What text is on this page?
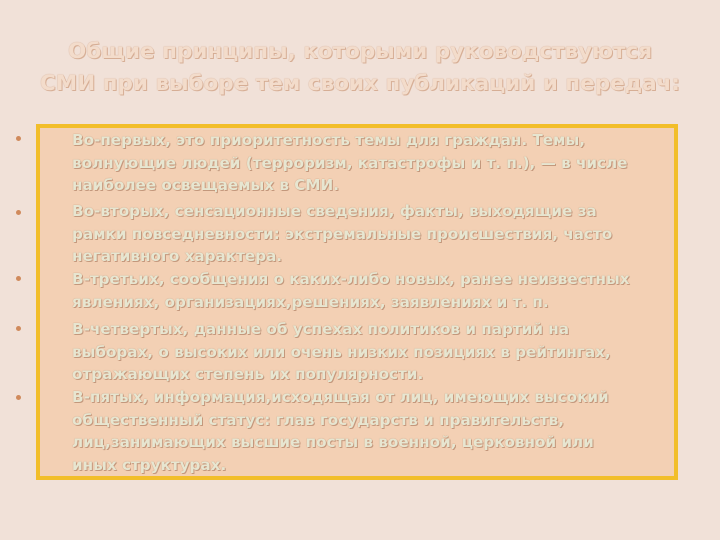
Общие принципы, которыми руководствуются
СМИ при выборе тем своих публикаций и передач:

Во-первых, это приоритетность темы для граждан. Темы,
волнующие людей (терроризм, катастрофы и т. п.), — в числе
наиболее освещаемых в СМИ.

Во-вторых, сенсационные сведения, факты, выходящие за
рамки повседневности: экстремальные происшествия, часто
негативного характера.

В-третьих, сообщения о каких-либо новых, ранее неизвестных
явлениях, организациях,решениях, заявлениях и т. п.

В-четвертых, данные об успехах политиков и партий на
выборах, о высоких или очень низких позициях в рейтингах,
отражающих степень их популярности.

В-пятых, информация,исходящая от лиц, имеющих высокий
общественный статус: глав государств и правительств,
лиц,занимающих высшие посты в военной, церковной или
иных структурах.
